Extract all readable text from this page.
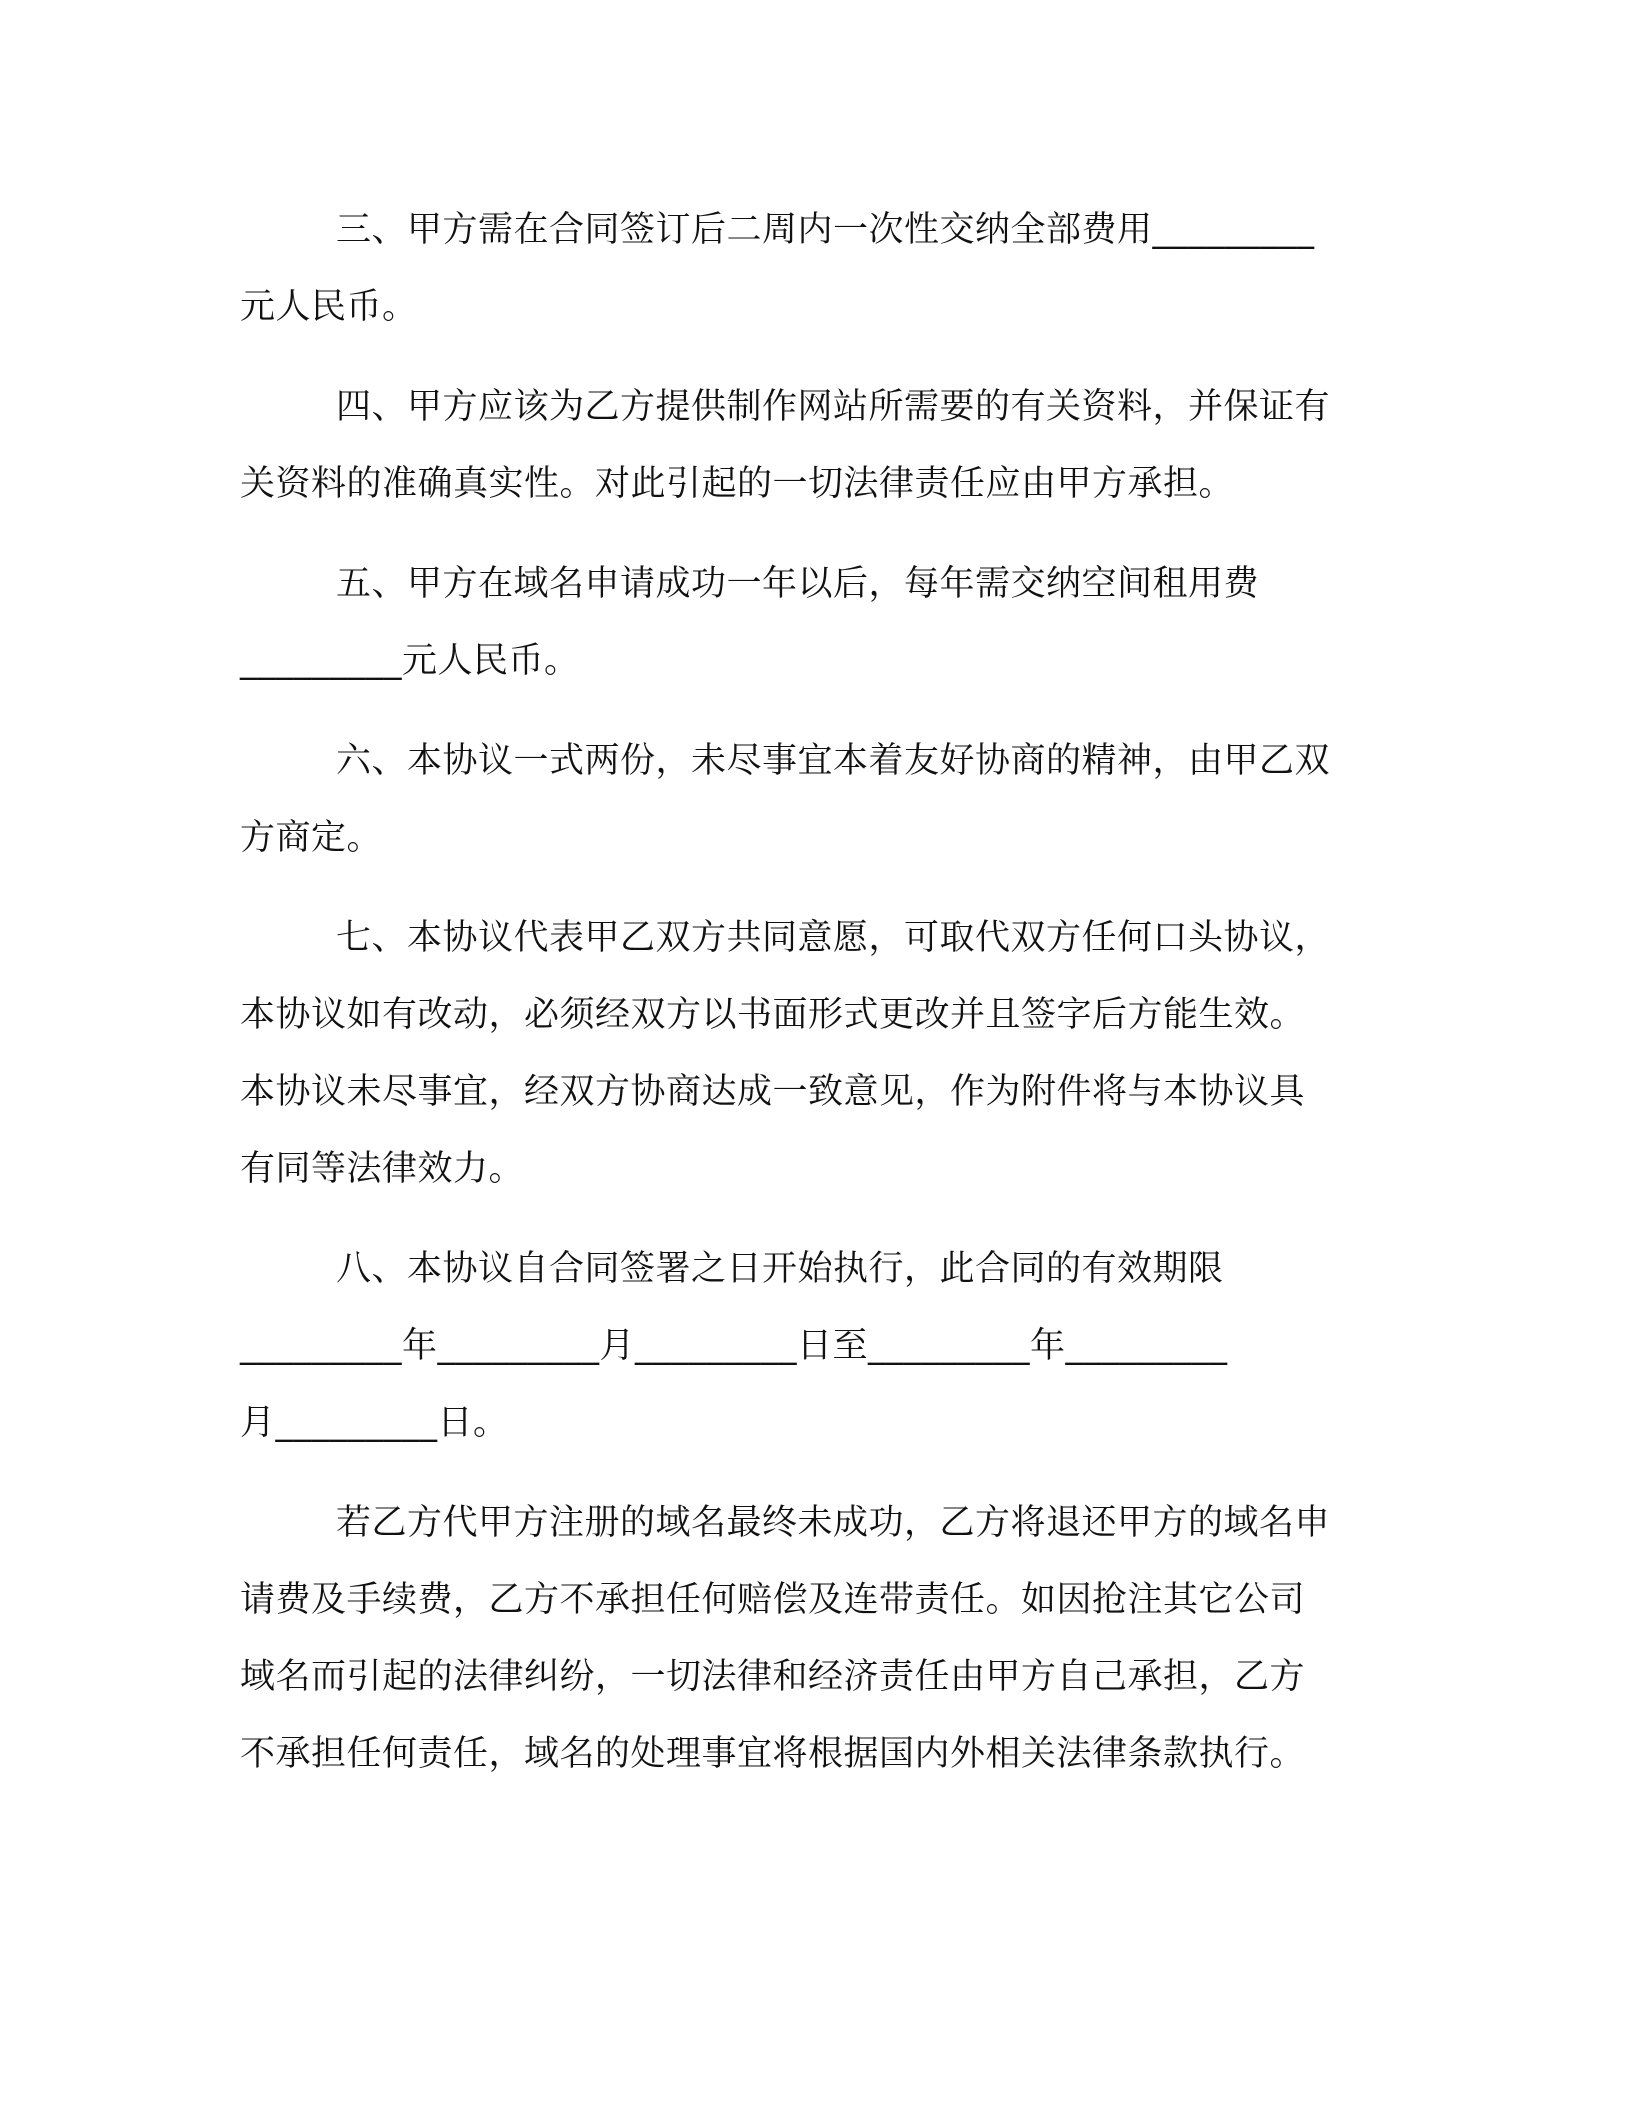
三、甲方需在合同签订后二周内一次性交纳全部费用_________
元人民币。
四、甲方应该为乙方提供制作网站所需要的有关资料，并保证有
关资料的准确真实性。对此引起的一切法律责任应由甲方承担。
五、甲方在域名申请成功一年以后，每年需交纳空间租用费
_________元人民币。
六、本协议一式两份，未尽事宜本着友好协商的精神，由甲乙双
方商定。
七、本协议代表甲乙双方共同意愿，可取代双方任何口头协议，
本协议如有改动，必须经双方以书面形式更改并且签字后方能生效。
本协议未尽事宜，经双方协商达成一致意见，作为附件将与本协议具
有同等法律效力。
八、本协议自合同签署之日开始执行，此合同的有效期限
_________年_________月_________日至_________年_________
月_________日。
若乙方代甲方注册的域名最终未成功，乙方将退还甲方的域名申
请费及手续费，乙方不承担任何赔偿及连带责任。如因抢注其它公司
域名而引起的法律纠纷，一切法律和经济责任由甲方自己承担，乙方
不承担任何责任，域名的处理事宜将根据国内外相关法律条款执行。
